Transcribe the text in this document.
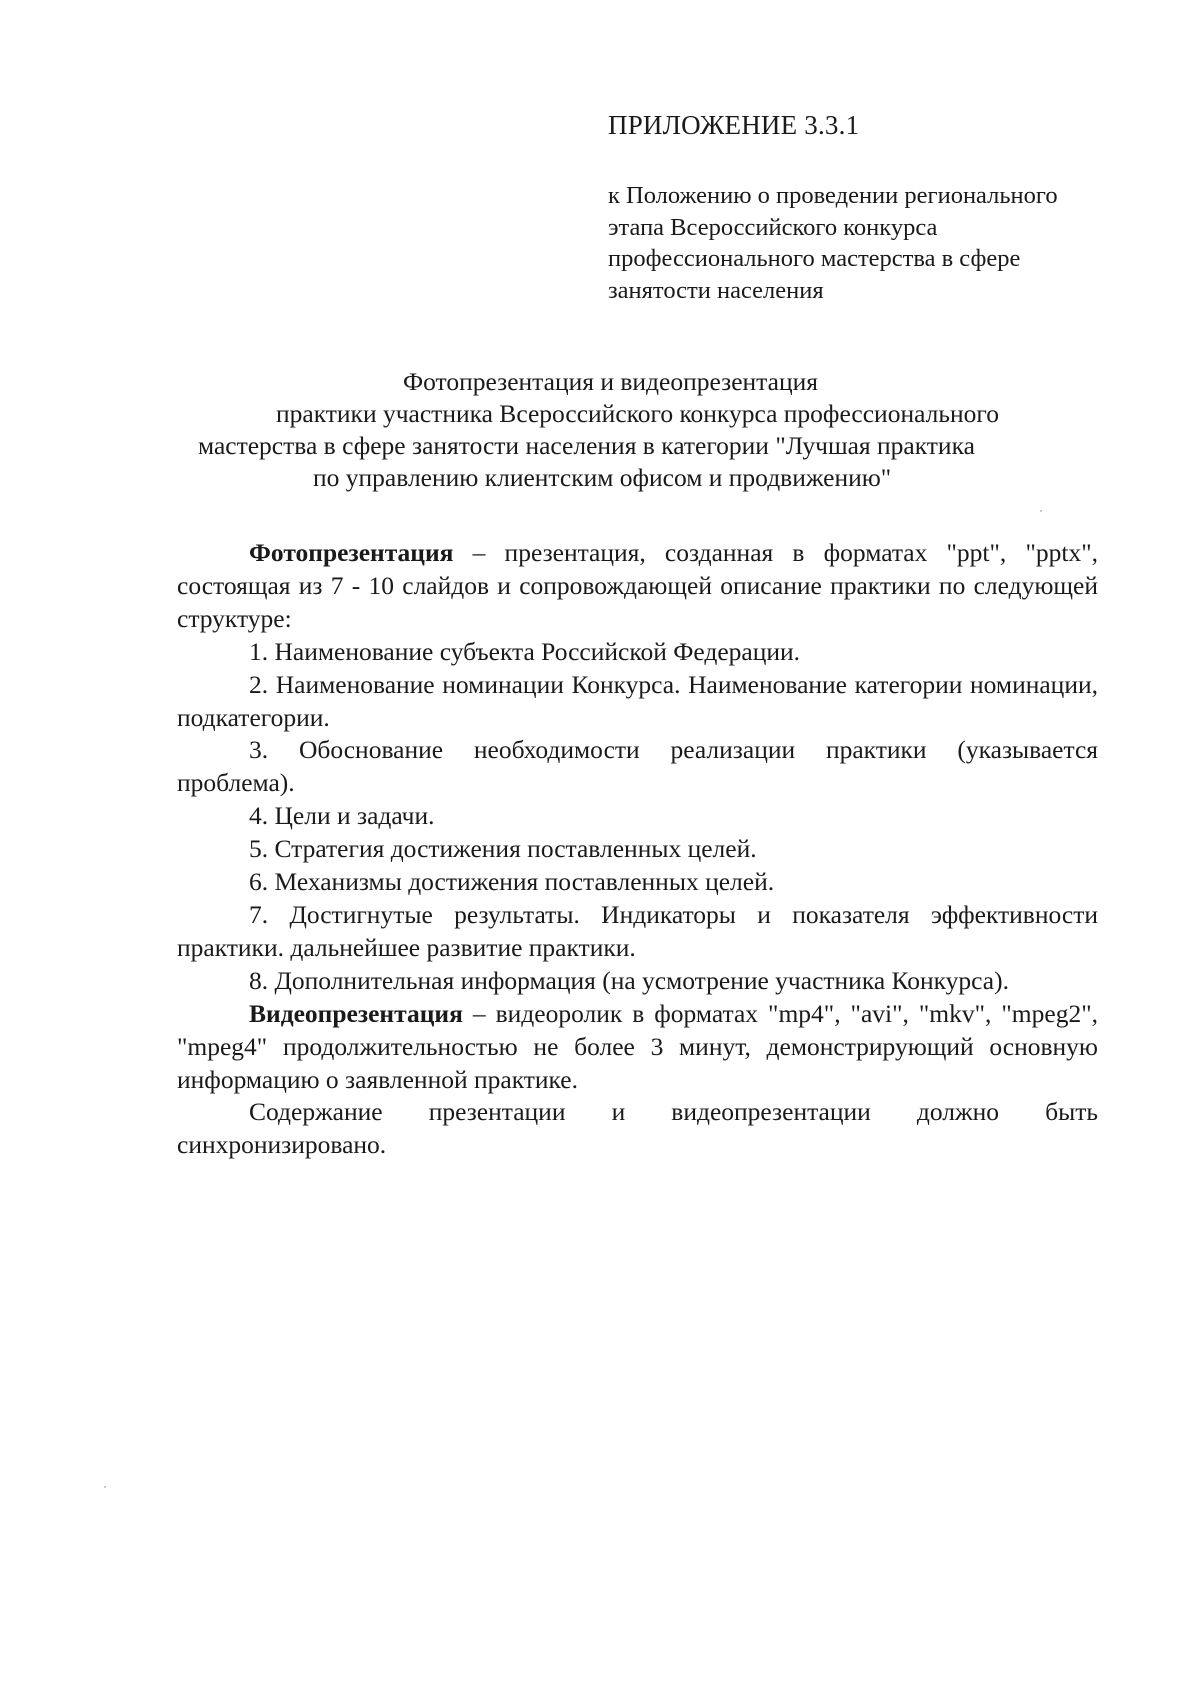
ПРИЛОЖЕНИЕ 3.3.1

к Положению о проведении регионального
этапа Всероссийского конкурса
профессионального мастерства в сфере
занятости населения
Фотопрезентация и видеопрезентация
практики участника Всероссийского конкурса профессионального
мастерства в сфере занятости населения в категории "Лучшая практика
по управлению клиентским офисом и продвижению"

Фотопрезентация – презентация, созданная в форматах "ppt", "pptx", состоящая из 7 - 10 слайдов и сопровождающей описание практики по следующей структуре:

1. Наименование субъекта Российской Федерации.

2. Наименование номинации Конкурса. Наименование категории номинации, подкатегории.

3. Обоснование необходимости реализации практики (указывается проблема).

4. Цели и задачи.

5. Стратегия достижения поставленных целей.

6. Механизмы достижения поставленных целей.

7. Достигнутые результаты. Индикаторы и показателя эффективности практики. дальнейшее развитие практики.

8. Дополнительная информация (на усмотрение участника Конкурса).

Видеопрезентация – видеоролик в форматах "mp4", "avi", "mkv", "mpeg2", "mpeg4" продолжительностью не более 3 минут, демонстрирующий основную информацию о заявленной практике.

Содержание презентации и видеопрезентации должно быть синхронизировано.
